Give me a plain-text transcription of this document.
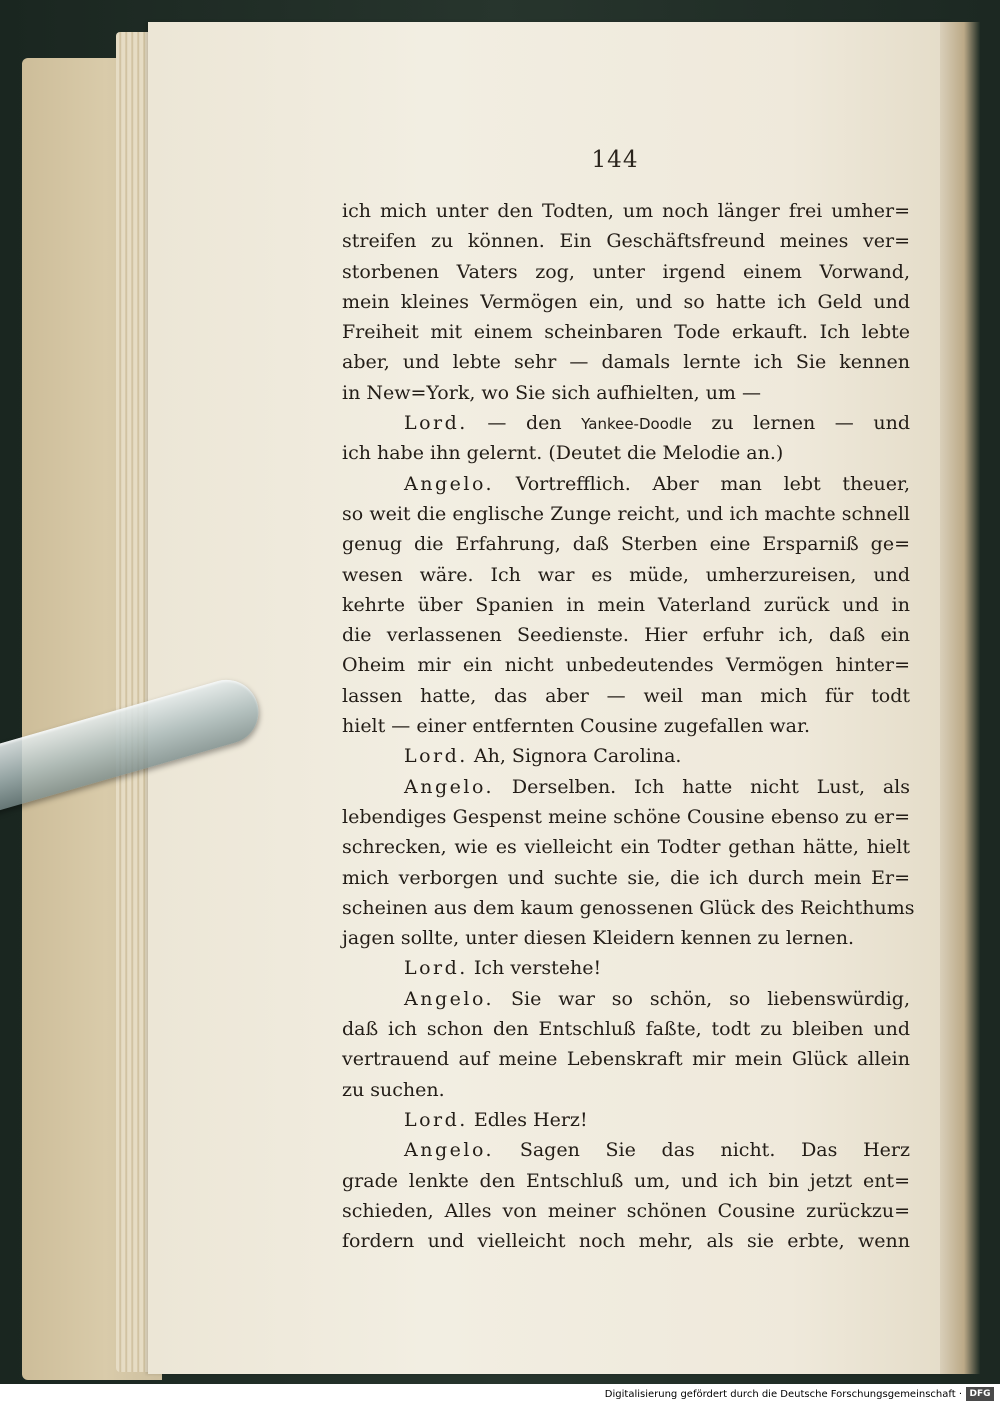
144
ich mich unter den Todten, um noch länger frei umher=
streifen zu können. Ein Geschäftsfreund meines ver=
storbenen Vaters zog, unter irgend einem Vorwand,
mein kleines Vermögen ein, und so hatte ich Geld und
Freiheit mit einem scheinbaren Tode erkauft. Ich lebte
aber, und lebte sehr — damals lernte ich Sie kennen
in New=York, wo Sie sich aufhielten, um —
Lord. — den Yankee-Doodle zu lernen — und
ich habe ihn gelernt. (Deutet die Melodie an.)
Angelo. Vortrefflich. Aber man lebt theuer,
so weit die englische Zunge reicht, und ich machte schnell
genug die Erfahrung, daß Sterben eine Ersparniß ge=
wesen wäre. Ich war es müde, umherzureisen, und
kehrte über Spanien in mein Vaterland zurück und in
die verlassenen Seedienste. Hier erfuhr ich, daß ein
Oheim mir ein nicht unbedeutendes Vermögen hinter=
lassen hatte, das aber — weil man mich für todt
hielt — einer entfernten Cousine zugefallen war.
Lord. Ah, Signora Carolina.
Angelo. Derselben. Ich hatte nicht Lust, als
lebendiges Gespenst meine schöne Cousine ebenso zu er=
schrecken, wie es vielleicht ein Todter gethan hätte, hielt
mich verborgen und suchte sie, die ich durch mein Er=
scheinen aus dem kaum genossenen Glück des Reichthums
jagen sollte, unter diesen Kleidern kennen zu lernen.
Lord. Ich verstehe!
Angelo. Sie war so schön, so liebenswürdig,
daß ich schon den Entschluß faßte, todt zu bleiben und
vertrauend auf meine Lebenskraft mir mein Glück allein
zu suchen.
Lord. Edles Herz!
Angelo. Sagen Sie das nicht. Das Herz
grade lenkte den Entschluß um, und ich bin jetzt ent=
schieden, Alles von meiner schönen Cousine zurückzu=
fordern und vielleicht noch mehr, als sie erbte, wenn
Digitalisierung gefördert durch die Deutsche Forschungsgemeinschaft · DFG
